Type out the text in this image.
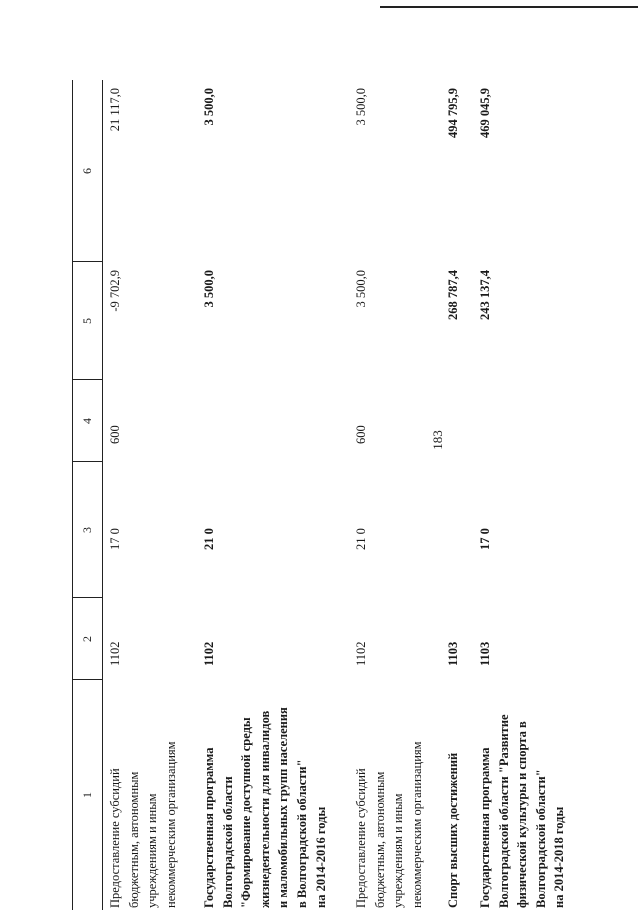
183
1
2
3
4
5
6
Предоставление субсидий
бюджетным, автономным
учреждениям и иным
некоммерческим организациям
1102
17 0
600
-9 702,9
21 117,0
Государственная программа
Волгоградской области
"Формирование доступной среды
жизнедеятельности для инвалидов
и маломобильных групп населения
в Волгоградской области"
на 2014-2016 годы
1102
21 0
3 500,0
3 500,0
Предоставление субсидий
бюджетным, автономным
учреждениям и иным
некоммерческим организациям
1102
21 0
600
3 500,0
3 500,0
Спорт высших достижений
1103
268 787,4
494 795,9
Государственная программа
Волгоградской области "Развитие
физической культуры и спорта в
Волгоградской области"
на 2014-2018 годы
1103
17 0
243 137,4
469 045,9
